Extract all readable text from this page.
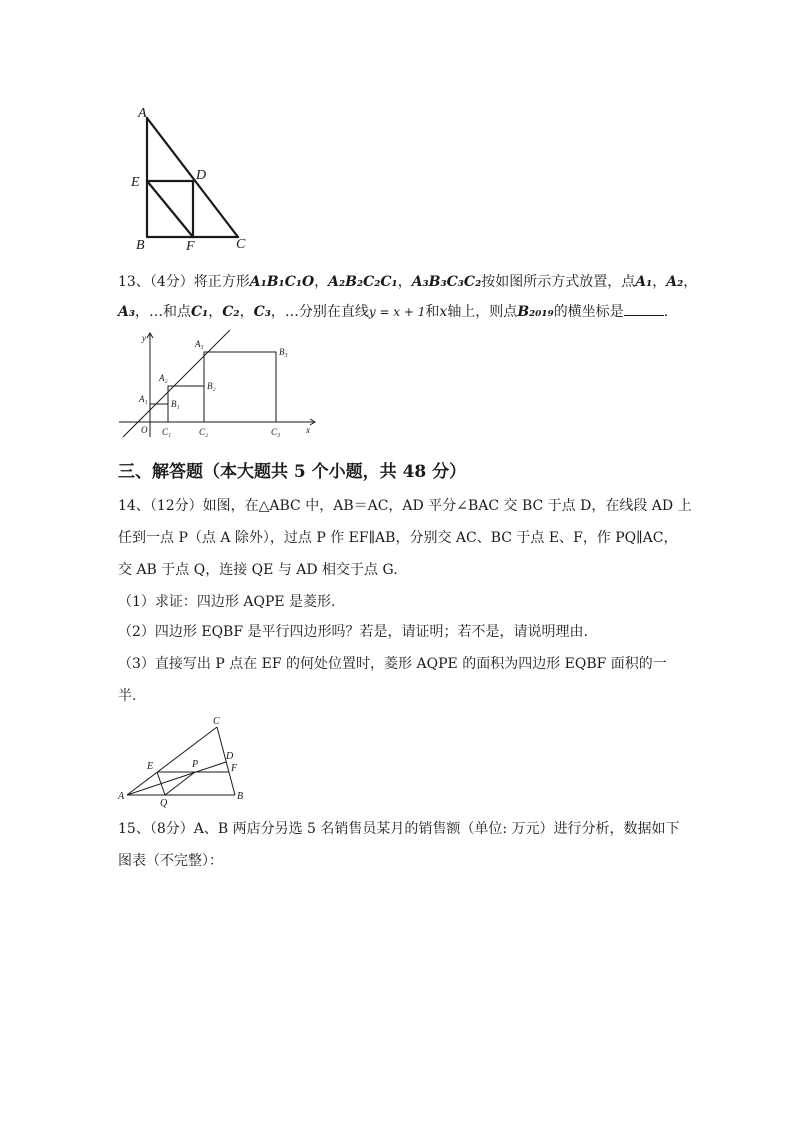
A
E	D
B	F	C
13、（4分）将正方形A₁B₁C₁O，A₂B₂C₂C₁，A₃B₃C₃C₂按如图所示方式放置，点A₁，A₂，
A₃，…和点C₁，C₂，C₃，…分别在直线y = x + 1和x轴上，则点B₂₀₁₉的横坐标是	.
y
x
O
A₁
A₂
A₃
B₁
B₂
B₃
C₁	C₂	C₃
三、解答题（本大题共 5 个小题，共 48 分）
14、（12分）如图，在△ABC 中，AB＝AC，AD 平分∠BAC 交 BC 于点 D，在线段 AD 上
任到一点 P（点 A 除外），过点 P 作 EF∥AB，分别交 AC、BC 于点 E、F，作 PQ∥AC，
交 AB 于点 Q，连接 QE 与 AD 相交于点 G.
（1）求证：四边形 AQPE 是菱形.
（2）四边形 EQBF 是平行四边形吗？若是，请证明；若不是，请说明理由.
（3）直接写出 P 点在 EF 的何处位置时，菱形 AQPE 的面积为四边形 EQBF 面积的一
半.
A	B
C
D
E	F
P
Q
15、（8分）A、B 两店分另选 5 名销售员某月的销售额（单位: 万元）进行分析，数据如下
图表（不完整）：
